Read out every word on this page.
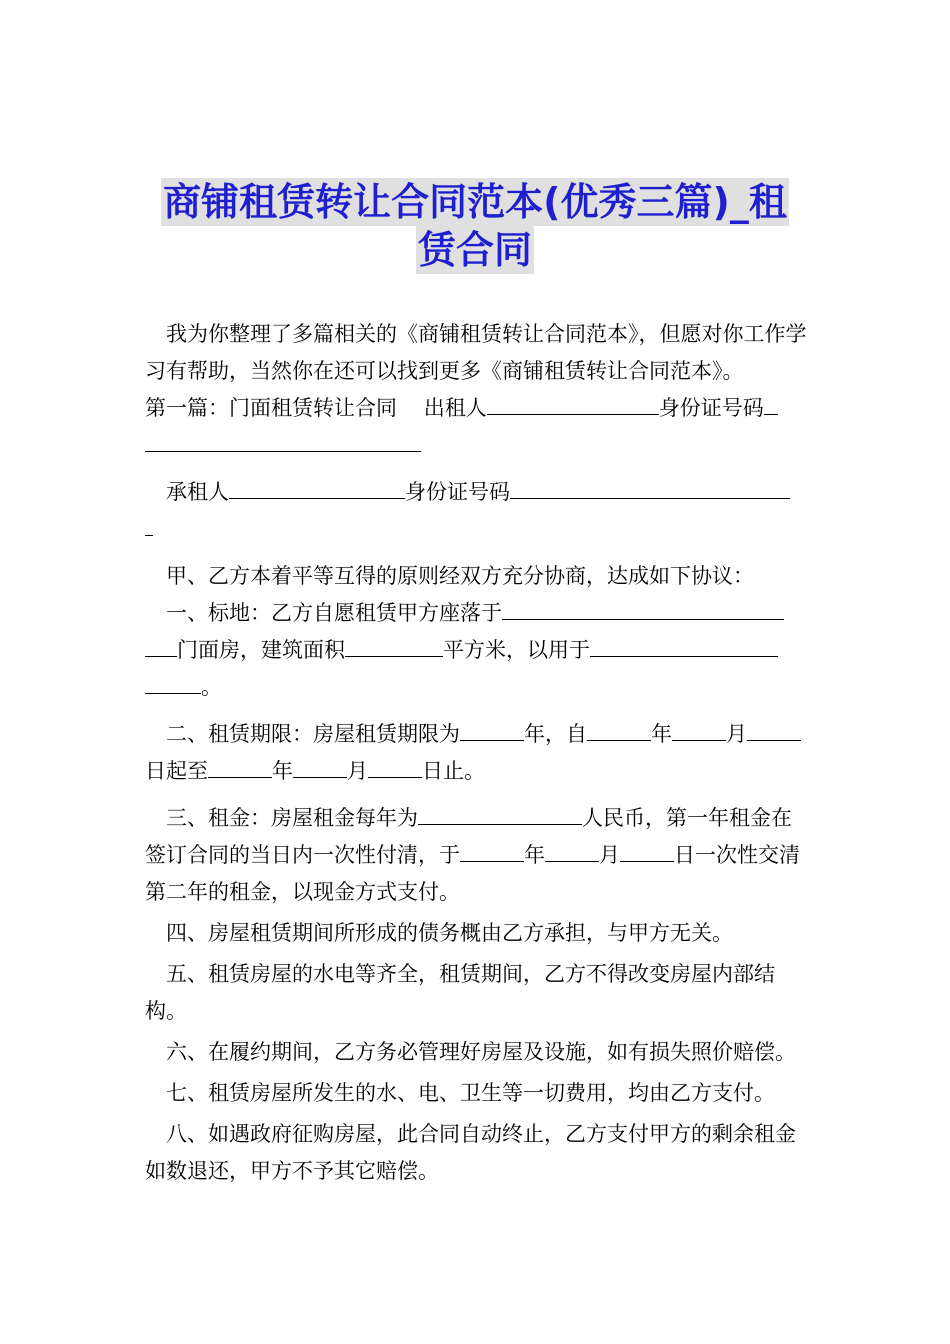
商铺租赁转让合同范本(优秀三篇)_租
赁合同

我为你整理了多篇相关的《商铺租赁转让合同范本》，但愿对你工作学习有帮助，当然你在还可以找到更多《商铺租赁转让合同范本》。

第一篇：门面租赁转让合同 出租人	身份证号码

承租人	身份证号码

甲、乙方本着平等互得的原则经双方充分协商，达成如下协议：

一、标地：乙方自愿租赁甲方座落于门面房，建筑面积	平方米，以用于。

二、租赁期限：房屋租赁期限为	年，自	年	月日起至	年	月	日止。

三、租金：房屋租金每年为	人民币，第一年租金在签订合同的当日内一次性付清，于	年	月	日一次性交清第二年的租金，以现金方式支付。

四、房屋租赁期间所形成的债务概由乙方承担，与甲方无关。

五、租赁房屋的水电等齐全，租赁期间，乙方不得改变房屋内部结构。

六、在履约期间，乙方务必管理好房屋及设施，如有损失照价赔偿。

七、租赁房屋所发生的水、电、卫生等一切费用，均由乙方支付。

八、如遇政府征购房屋，此合同自动终止，乙方支付甲方的剩余租金如数退还，甲方不予其它赔偿。
